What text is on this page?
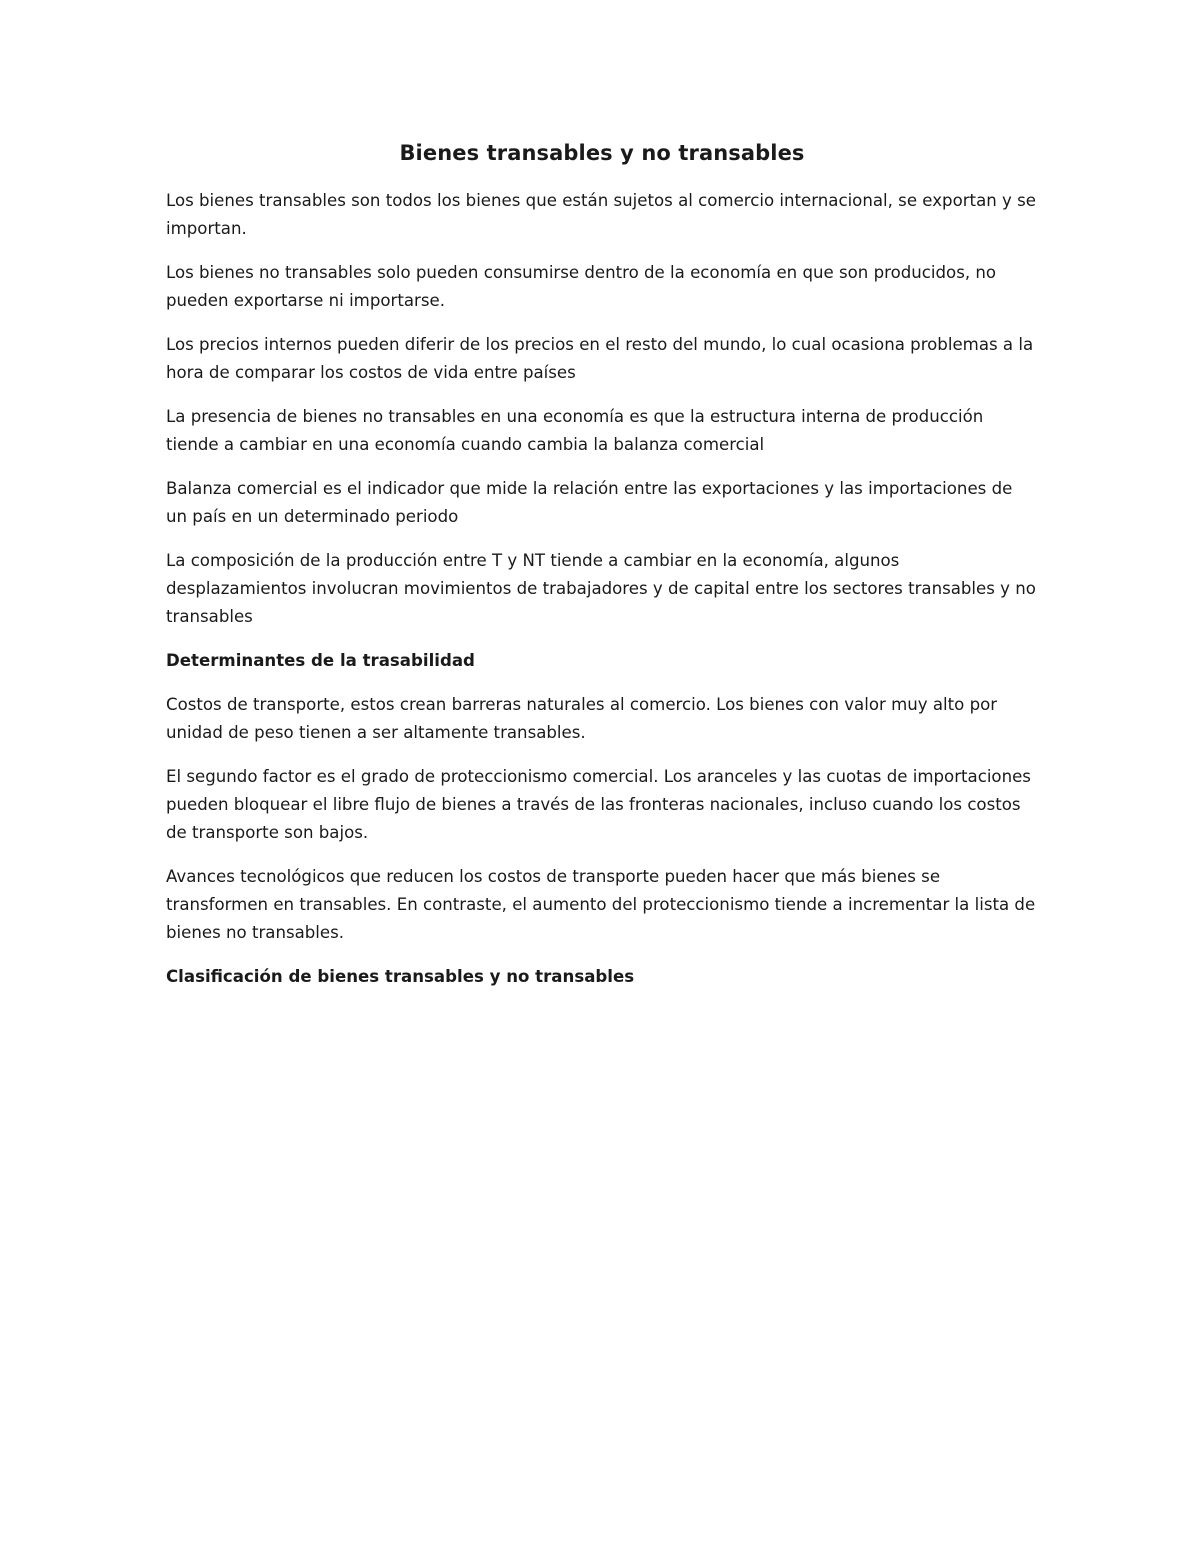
Bienes transables y no transables

Los bienes transables son todos los bienes que están sujetos al comercio internacional, se exportan y se importan.

Los bienes no transables solo pueden consumirse dentro de la economía en que son producidos, no pueden exportarse ni importarse.

Los precios internos pueden diferir de los precios en el resto del mundo, lo cual ocasiona problemas a la hora de comparar los costos de vida entre países

La presencia de bienes no transables en una economía es que la estructura interna de producción tiende a cambiar en una economía cuando cambia la balanza comercial

Balanza comercial es el indicador que mide la relación entre las exportaciones y las importaciones de un país en un determinado periodo

La composición de la producción entre T y NT tiende a cambiar en la economía, algunos desplazamientos involucran movimientos de trabajadores y de capital entre los sectores transables y no transables

Determinantes de la trasabilidad

Costos de transporte, estos crean barreras naturales al comercio. Los bienes con valor muy alto por unidad de peso tienen a ser altamente transables.

El segundo factor es el grado de proteccionismo comercial. Los aranceles y las cuotas de importaciones pueden bloquear el libre flujo de bienes a través de las fronteras nacionales, incluso cuando los costos de transporte son bajos.

Avances tecnológicos que reducen los costos de transporte pueden hacer que más bienes se transformen en transables. En contraste, el aumento del proteccionismo tiende a incrementar la lista de bienes no transables.

Clasificación de bienes transables y no transables
